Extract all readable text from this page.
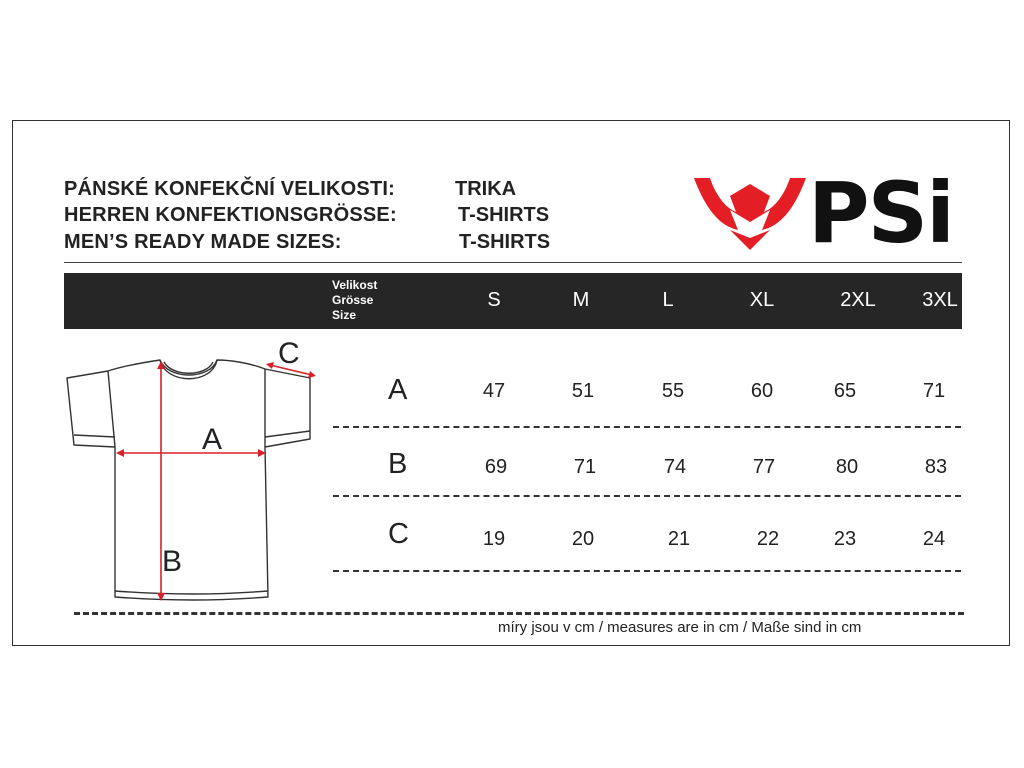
PÁNSKÉ KONFEKČNÍ VELIKOSTI:	TRIKA
HERREN KONFEKTIONSGRÖSSE:	T-SHIRTS
MEN’S READY MADE SIZES:	T-SHIRTS	PSi
Velikost
Grösse
Size
S	M	L	XL	2XL	3XL
A	47	51	55	60	65	71
B	69	71	74	77	80	83
C	19	20	21	22	23	24
A
B
C
míry jsou v cm / measures are in cm / Maße sind in cm
